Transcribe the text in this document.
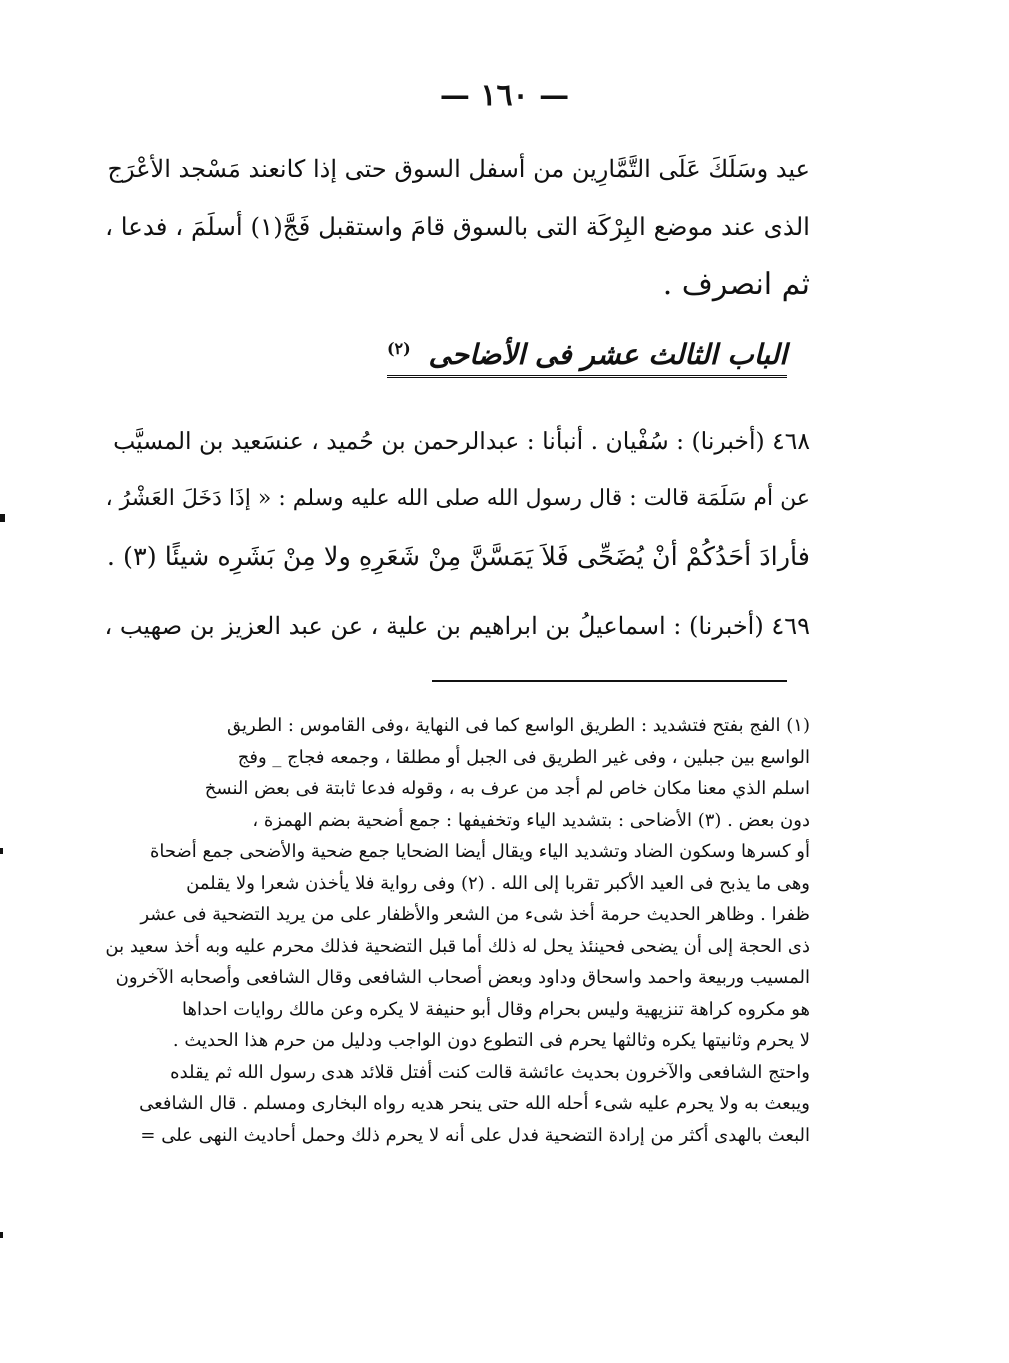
— ١٦٠ —
عيد وسَلَكَ عَلَى التَّمَّارِين من أسفل السوق حتى إذا كانعند مَسْجد الأعْرَج
الذى عند موضع البِرْكَة التى بالسوق قامَ واستقبل فَجَّ(١) أسلَمَ ، فدعا ،
ثم انصرف .
الباب الثالث عشر فى الأضاحى $^{(٢)}$
٤٦٨ (أخبرنا) : سُفْيان . أنبأنا : عبدالرحمن بن حُميد ، عنسَعيد بن المسيَّب
عن أم سَلَمَة قالت : قال رسول الله صلى الله عليه وسلم : « إذَا دَخَلَ العَشْرُ ،
فأرادَ أحَدُكُمْ أنْ يُضَحِّى فَلاَ يَمَسَّنَّ مِنْ شَعَرِهِ ولا مِنْ بَشَرِه شيئًا (٣) .
٤٦٩ (أخبرنا) : اسماعيلُ بن ابراهيم بن علية ، عن عبد العزيز بن صهيب ،
(١) الفج بفتح فتشديد : الطريق الواسع كما فى النهاية ،وفى القاموس : الطريق
الواسع بين جبلين ، وفى غير الطريق فى الجبل أو مطلقا ، وجمعه فجاج _ وفج
اسلم الذي معنا مكان خاص لم أجد من عرف به ، وقوله فدعا ثابتة فى بعض النسخ
دون بعض . (٣) الأضاحى : بتشديد الياء وتخفيفها : جمع أضحية بضم الهمزة ،
أو كسرها وسكون الضاد وتشديد الياء ويقال أيضا الضحايا جمع ضحية والأضحى جمع أضحاة
وهى ما يذبح فى العيد الأكبر تقربا إلى الله . (٢) وفى رواية فلا يأخذن شعرا ولا يقلمن
ظفرا . وظاهر الحديث حرمة أخذ شىء من الشعر والأظفار على من يريد التضحية فى عشر
ذى الحجة إلى أن يضحى فحينئذ يحل له ذلك أما قبل التضحية فذلك محرم عليه وبه أخذ سعيد بن
المسيب وربيعة واحمد واسحاق وداود وبعض أصحاب الشافعى وقال الشافعى وأصحابه الآخرون
هو مكروه كراهة تنزيهية وليس بحرام وقال أبو حنيفة لا يكره وعن مالك روايات احداها
لا يحرم وثانيتها يكره وثالثها يحرم فى التطوع دون الواجب ودليل من حرم هذا الحديث .
واحتج الشافعى والآخرون بحديث عائشة قالت كنت أفتل قلائد هدى رسول الله ثم يقلده
ويبعث به ولا يحرم عليه شىء أحله الله حتى ينحر هديه رواه البخارى ومسلم . قال الشافعى
البعث بالهدى أكثر من إرادة التضحية فدل على أنه لا يحرم ذلك وحمل أحاديث النهى على =
